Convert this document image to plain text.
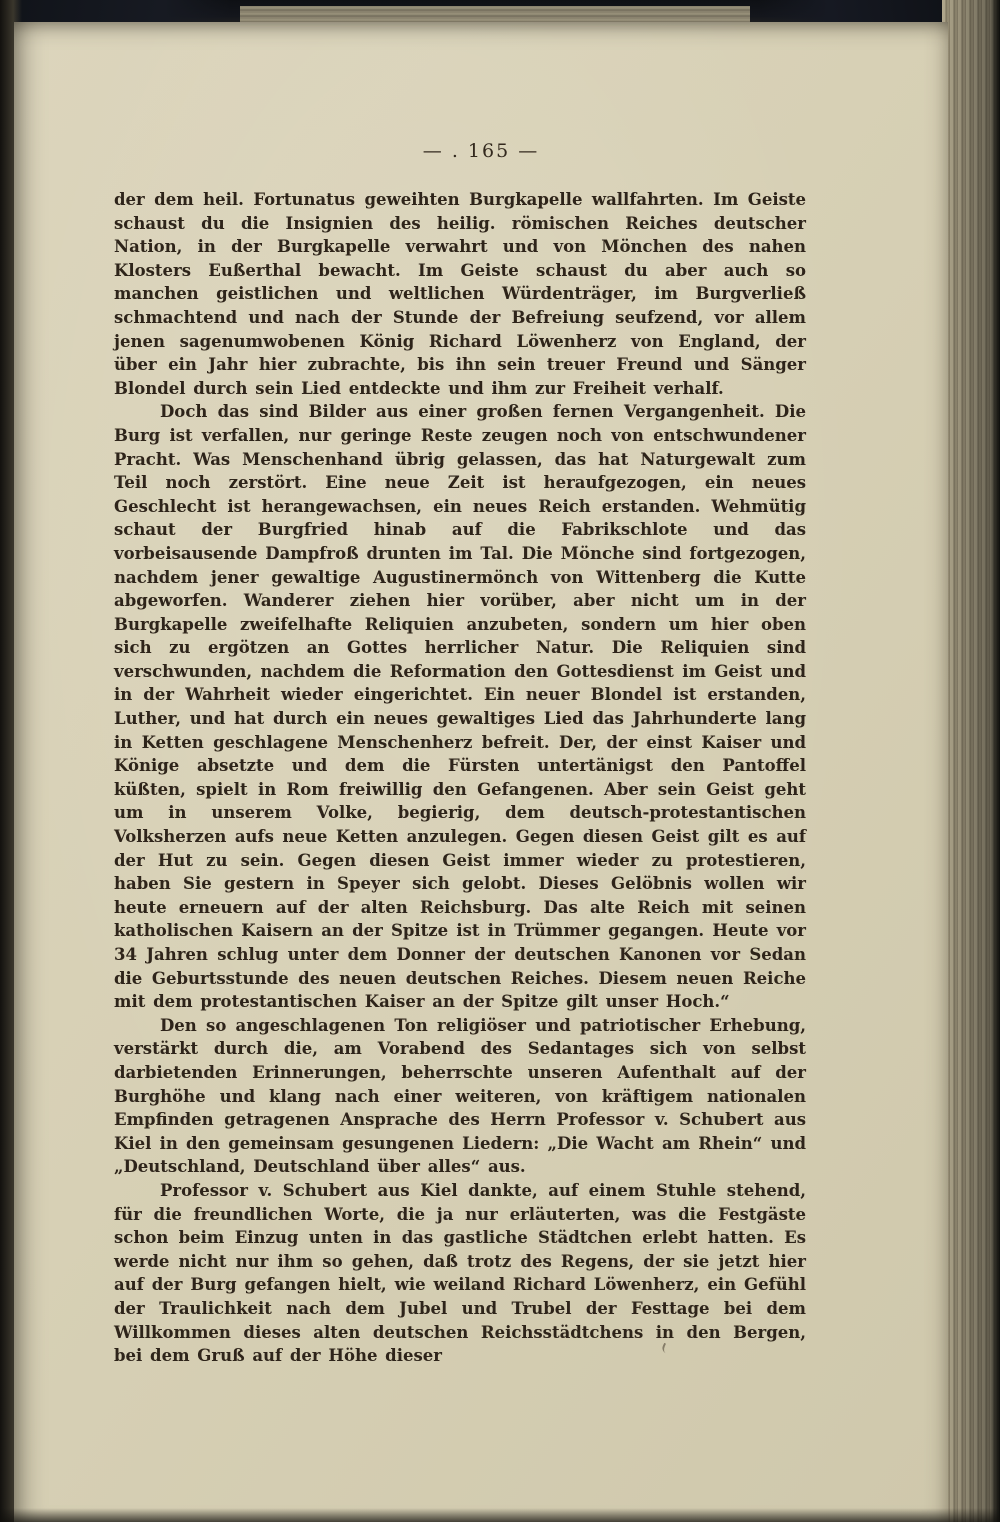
— . 165 —

der dem heil. Fortunatus geweihten Burgkapelle wallfahrten. Im Geiste schaust du die Insignien des heilig. römischen Reiches deutscher Nation, in der Burgkapelle verwahrt und von Mönchen des nahen Klosters Eußerthal bewacht. Im Geiste schaust du aber auch so manchen geistlichen und weltlichen Würdenträger, im Burgverließ schmachtend und nach der Stunde der Befreiung seufzend, vor allem jenen sagenumwobenen König Richard Löwenherz von England, der über ein Jahr hier zubrachte, bis ihn sein treuer Freund und Sänger Blondel durch sein Lied entdeckte und ihm zur Freiheit verhalf.

Doch das sind Bilder aus einer großen fernen Vergangenheit. Die Burg ist verfallen, nur geringe Reste zeugen noch von entschwundener Pracht. Was Menschenhand übrig gelassen, das hat Naturgewalt zum Teil noch zerstört. Eine neue Zeit ist heraufgezogen, ein neues Geschlecht ist herangewachsen, ein neues Reich erstanden. Wehmütig schaut der Burgfried hinab auf die Fabrikschlote und das vorbeisausende Dampfroß drunten im Tal. Die Mönche sind fortgezogen, nachdem jener gewaltige Augustinermönch von Wittenberg die Kutte abgeworfen. Wanderer ziehen hier vorüber, aber nicht um in der Burgkapelle zweifelhafte Reliquien anzubeten, sondern um hier oben sich zu ergötzen an Gottes herrlicher Natur. Die Reliquien sind verschwunden, nachdem die Reformation den Gottesdienst im Geist und in der Wahrheit wieder eingerichtet. Ein neuer Blondel ist erstanden, Luther, und hat durch ein neues gewaltiges Lied das Jahrhunderte lang in Ketten geschlagene Menschenherz befreit. Der, der einst Kaiser und Könige absetzte und dem die Fürsten untertänigst den Pantoffel küßten, spielt in Rom freiwillig den Gefangenen. Aber sein Geist geht um in unserem Volke, begierig, dem deutsch-protestantischen Volksherzen aufs neue Ketten anzulegen. Gegen diesen Geist gilt es auf der Hut zu sein. Gegen diesen Geist immer wieder zu protestieren, haben Sie gestern in Speyer sich gelobt. Dieses Gelöbnis wollen wir heute erneuern auf der alten Reichsburg. Das alte Reich mit seinen katholischen Kaisern an der Spitze ist in Trümmer gegangen. Heute vor 34 Jahren schlug unter dem Donner der deutschen Kanonen vor Sedan die Geburtsstunde des neuen deutschen Reiches. Diesem neuen Reiche mit dem protestantischen Kaiser an der Spitze gilt unser Hoch.“

Den so angeschlagenen Ton religiöser und patriotischer Erhebung, verstärkt durch die, am Vorabend des Sedantages sich von selbst darbietenden Erinnerungen, beherrschte unseren Aufenthalt auf der Burghöhe und klang nach einer weiteren, von kräftigem nationalen Empfinden getragenen Ansprache des Herrn Professor v. Schubert aus Kiel in den gemeinsam gesungenen Liedern: „Die Wacht am Rhein“ und „Deutschland, Deutschland über alles“ aus.

Professor v. Schubert aus Kiel dankte, auf einem Stuhle stehend, für die freundlichen Worte, die ja nur erläuterten, was die Festgäste schon beim Einzug unten in das gastliche Städtchen erlebt hatten. Es werde nicht nur ihm so gehen, daß trotz des Regens, der sie jetzt hier auf der Burg gefangen hielt, wie weiland Richard Löwenherz, ein Gefühl der Traulichkeit nach dem Jubel und Trubel der Festtage bei dem Willkommen dieses alten deutschen Reichsstädtchens in den Bergen, bei dem Gruß auf der Höhe dieser
